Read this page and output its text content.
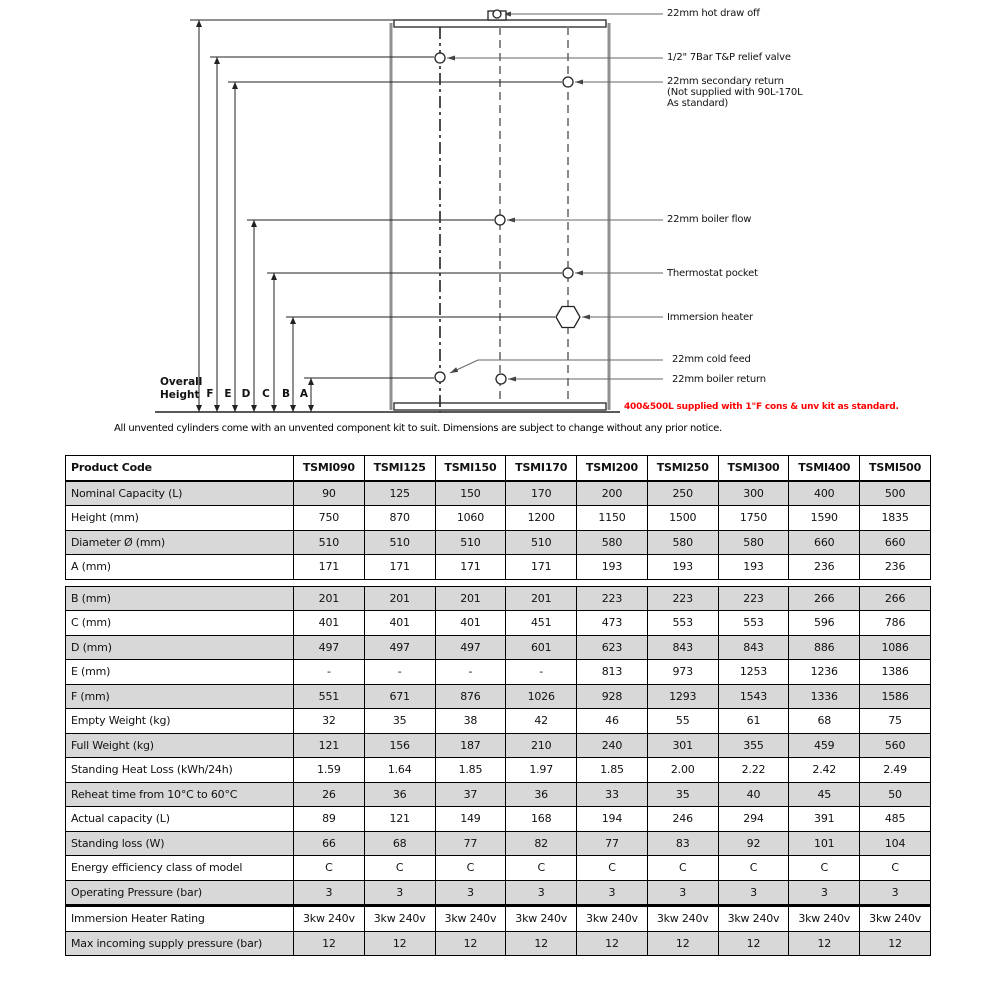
22mm hot draw off
1/2" 7Bar T&P relief valve
22mm secondary return
(Not supplied with 90L-170L
As standard)
22mm boiler flow
Thermostat pocket
Immersion heater
22mm cold feed
22mm boiler return
Overall
Height F	E D C B A
400&500L supplied with 1"F cons & unv kit as standard.
All unvented cylinders come with an unvented component kit to suit. Dimensions are subject to change without any prior notice.
Product Code	TSMI090	TSMI125	TSMI150	TSMI170	TSMI200	TSMI250	TSMI300	TSMI400	TSMI500
Nominal Capacity (L)	90	125	150	170	200	250	300	400	500
Height (mm)	750	870	1060	1200	1150	1500	1750	1590	1835
Diameter Ø (mm)	510	510	510	510	580	580	580	660	660
A (mm)	171	171	171	171	193	193	193	236	236
B (mm)	201	201	201	201	223	223	223	266	266
C (mm)	401	401	401	451	473	553	553	596	786
D (mm)	497	497	497	601	623	843	843	886	1086
E (mm)	-	-	-	-	813	973	1253	1236	1386
F (mm)	551	671	876	1026	928	1293	1543	1336	1586
Empty Weight (kg)	32	35	38	42	46	55	61	68	75
Full Weight (kg)	121	156	187	210	240	301	355	459	560
Standing Heat Loss (kWh/24h)	1.59	1.64	1.85	1.97	1.85	2.00	2.22	2.42	2.49
Reheat time from 10°C to 60°C	26	36	37	36	33	35	40	45	50
Actual capacity (L)	89	121	149	168	194	246	294	391	485
Standing loss (W)	66	68	77	82	77	83	92	101	104
Energy efficiency class of model	C	C	C	C	C	C	C	C	C
Operating Pressure (bar)	3	3	3	3	3	3	3	3	3
Immersion Heater Rating	3kw 240v	3kw 240v	3kw 240v	3kw 240v	3kw 240v	3kw 240v	3kw 240v	3kw 240v	3kw 240v
Max incoming supply pressure (bar)	12	12	12	12	12	12	12	12	12
